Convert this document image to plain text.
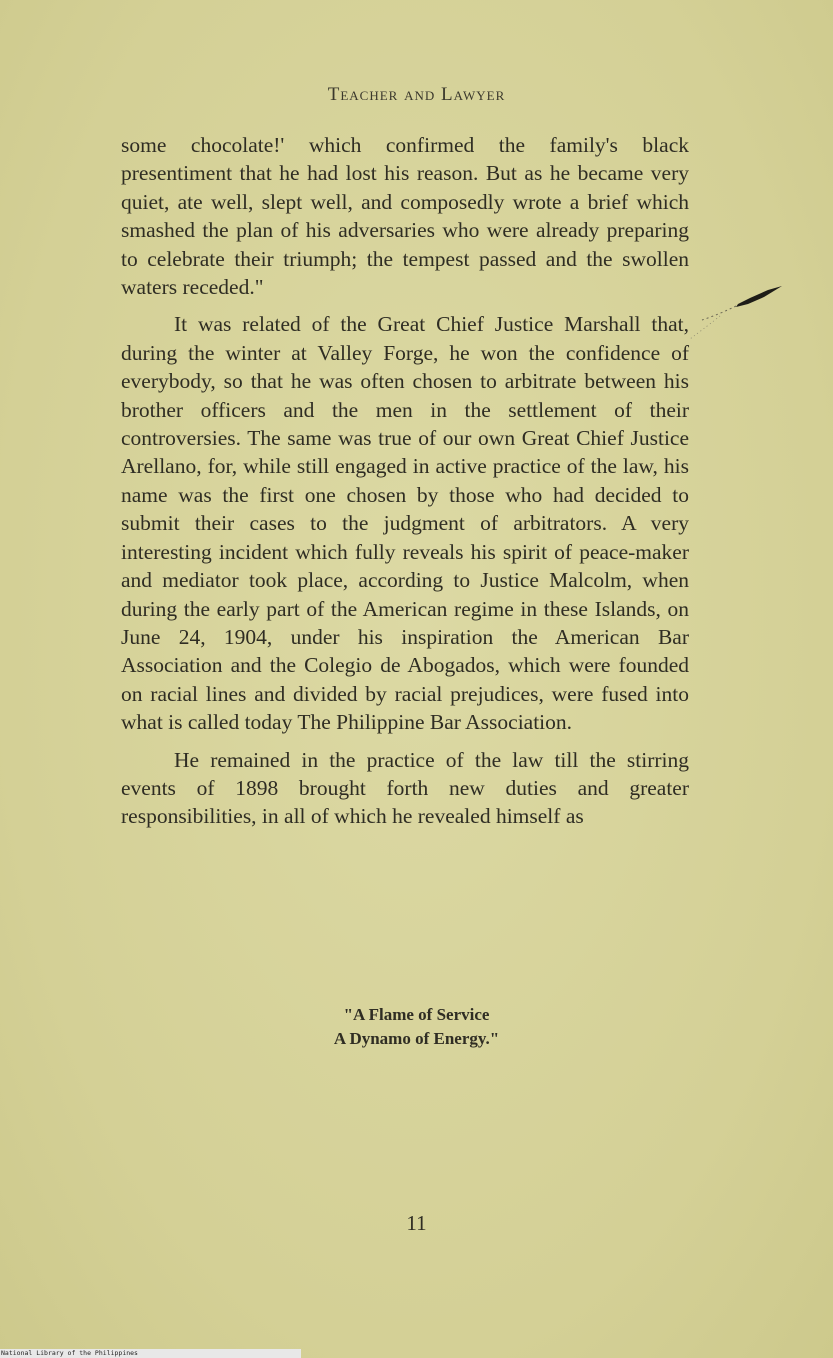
Teacher and Lawyer

some chocolate!' which confirmed the family's black presentiment that he had lost his reason. But as he became very quiet, ate well, slept well, and composedly wrote a brief which smashed the plan of his adversaries who were already preparing to celebrate their triumph; the tempest passed and the swollen waters receded."

It was related of the Great Chief Justice Marshall that, during the winter at Valley Forge, he won the confidence of everybody, so that he was often chosen to arbitrate between his brother officers and the men in the settlement of their controversies. The same was true of our own Great Chief Justice Arellano, for, while still engaged in active practice of the law, his name was the first one chosen by those who had decided to submit their cases to the judgment of arbitrators. A very interesting incident which fully reveals his spirit of peace-maker and mediator took place, according to Justice Malcolm, when during the early part of the American regime in these Islands, on June 24, 1904, under his inspiration the American Bar Association and the Colegio de Abogados, which were founded on racial lines and divided by racial prejudices, were fused into what is called today The Philippine Bar Association.

He remained in the practice of the law till the stirring events of 1898 brought forth new duties and greater responsibilities, in all of which he revealed himself as

"A Flame of Service
A Dynamo of Energy."
11
National Library of the Philippines
